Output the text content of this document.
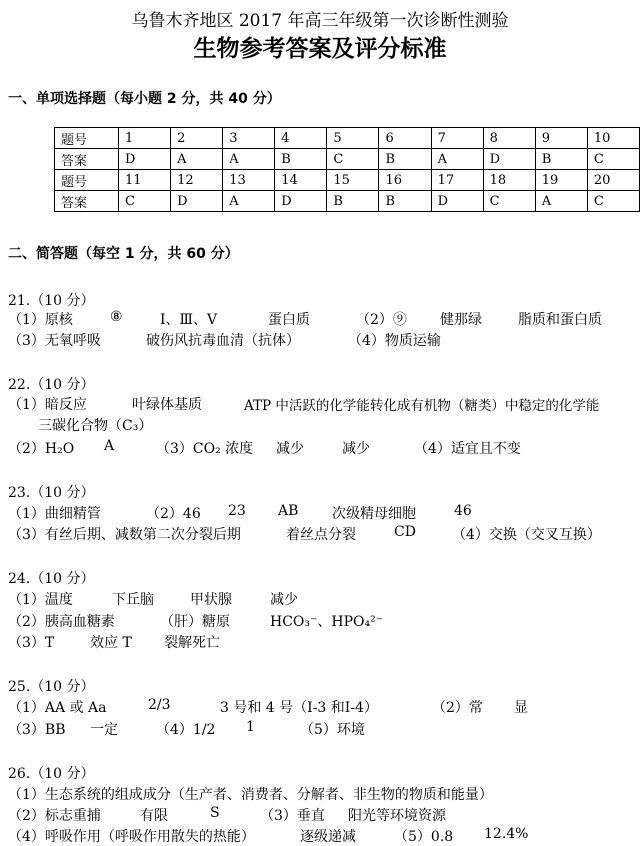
乌鲁木齐地区 2017 年高三年级第一次诊断性测验
生物参考答案及评分标准
一、单项选择题（每小题 2 分，共 40 分）
题号	1	2	3	4	5	6	7	8	9	10
答案	D	A	A	B	C	B	A	D	B	C
题号	11	12	13	14	15	16	17	18	19	20
答案	C	D	A	D	B	B	D	C	A	C
二、简答题（每空 1 分，共 60 分）
21.（10 分）
（1）原核	⑧	Ⅰ、Ⅲ、Ⅴ	蛋白质	（2）⑨ 健那绿	脂质和蛋白质
（3）无氧呼吸	破伤风抗毒血清（抗体）	（4）物质运输
22.（10 分）
（1）暗反应	叶绿体基质	ATP 中活跃的化学能转化成有机物（糖类）中稳定的化学能
三碳化合物（C₃）
（2）H₂O A	（3）CO₂ 浓度 减少	减少	（4）适宜且不变
23.（10 分）
（1）曲细精管	（2）46 23 AB 次级精母细胞	46
（3）有丝后期、减数第二次分裂后期	着丝点分裂	CD	（4）交换（交叉互换）
24.（10 分）
（1）温度	下丘脑	甲状腺	减少
（2）胰高血糖素	（肝）糖原	HCO₃⁻、HPO₄²⁻
（3）T	效应 T 裂解死亡
25.（10 分）
（1）AA 或 Aa	2/3	3 号和 4 号（Ⅰ-3 和Ⅰ-4）	（2）常 显
（3）BB 一定	（4）1/2 1	（5）环境
26.（10 分）
（1）生态系统的组成成分（生产者、消费者、分解者、非生物的物质和能量）
（2）标志重捕	有限	S	（3）垂直 阳光等环境资源
（4）呼吸作用（呼吸作用散失的热能）	逐级递减	（5）0.8 12.4%
